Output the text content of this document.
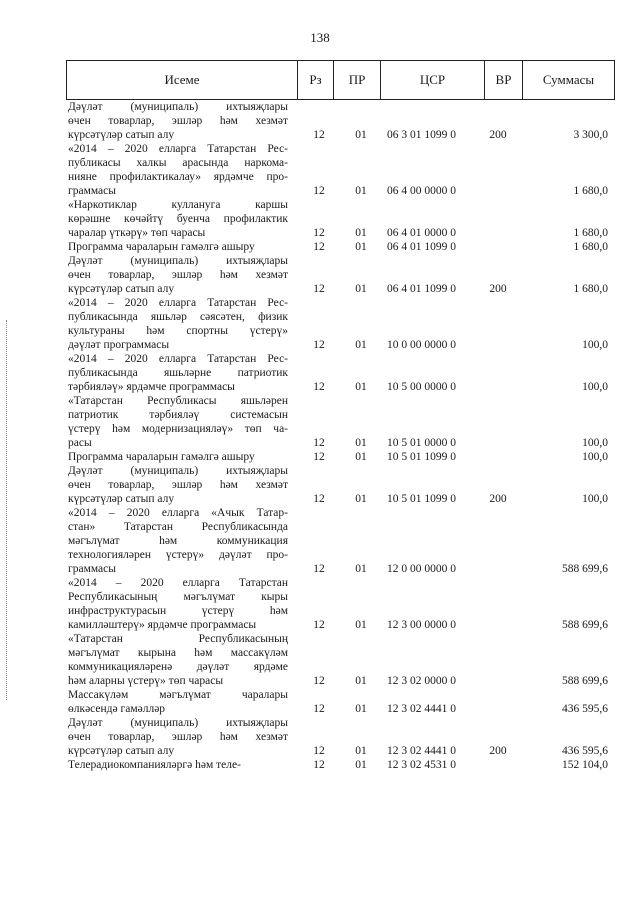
138
Исеме	Рз	ПР	ЦСР	ВР	Суммасы
Дәүләт (муниципаль) ихтыяҗлары
өчен товарлар, эшләр һәм хезмәт
күрсәтүләр сатып алу	12	01	06 3 01 1099 0	200	3 300,0
«2014 – 2020 елларга Татарстан Рес-
публикасы халкы арасында наркома-
нияне профилактикалау» ярдәмче про-
граммасы	12	01	06 4 00 0000 0	1 680,0
«Наркотиклар кулланугa каршы
көрәшне көчәйтү буенча профилактик
чаралар үткәрү» төп чарасы	12	01	06 4 01 0000 0	1 680,0
Программа чараларын гамәлгә ашыру	12	01	06 4 01 1099 0	1 680,0
Дәүләт (муниципаль) ихтыяҗлары
өчен товарлар, эшләр һәм хезмәт
күрсәтүләр сатып алу	12	01	06 4 01 1099 0	200	1 680,0
«2014 – 2020 елларга Татарстан Рес-
публикасында яшьләр сәясәтен, физик
культураны һәм спортны үстерү»
дәүләт программасы	12	01	10 0 00 0000 0	100,0
«2014 – 2020 елларга Татарстан Рес-
публикасында яшьләрне патриотик
тәрбияләү» ярдәмче программасы	12	01	10 5 00 0000 0	100,0
«Татарстан Республикасы яшьләрен
патриотик тәрбияләү системасын
үстерү һәм модернизацияләү» төп ча-
расы	12	01	10 5 01 0000 0	100,0
Программа чараларын гамәлгә ашыру	12	01	10 5 01 1099 0	100,0
Дәүләт (муниципаль) ихтыяҗлары
өчен товарлар, эшләр һәм хезмәт
күрсәтүләр сатып алу	12	01	10 5 01 1099 0	200	100,0
«2014 – 2020 елларга «Ачык Татар-
стан» Татарстан Республикасында
мәгълүмат һәм коммуникация
технологияләрен үстерү» дәүләт про-
граммасы	12	01	12 0 00 0000 0	588 699,6
«2014 – 2020 елларга Татарстан
Республикасының мәгълүмат кыры
инфраструктурасын үстерү һәм
камилләштерү» ярдәмче программасы	12	01	12 3 00 0000 0	588 699,6
«Татарстан Республикасының
мәгълүмат кырына һәм массакүләм
коммуникацияләренә дәүләт ярдәме
һәм аларны үстерү» төп чарасы	12	01	12 3 02 0000 0	588 699,6
Массакүләм мәгълүмат чаралары
өлкәсендә гамәлләр	12	01	12 3 02 4441 0	436 595,6
Дәүләт (муниципаль) ихтыяҗлары
өчен товарлар, эшләр һәм хезмәт
күрсәтүләр сатып алу	12	01	12 3 02 4441 0	200	436 595,6
Телерадиокомпанияләргә һәм теле-	12	01	12 3 02 4531 0	152 104,0
